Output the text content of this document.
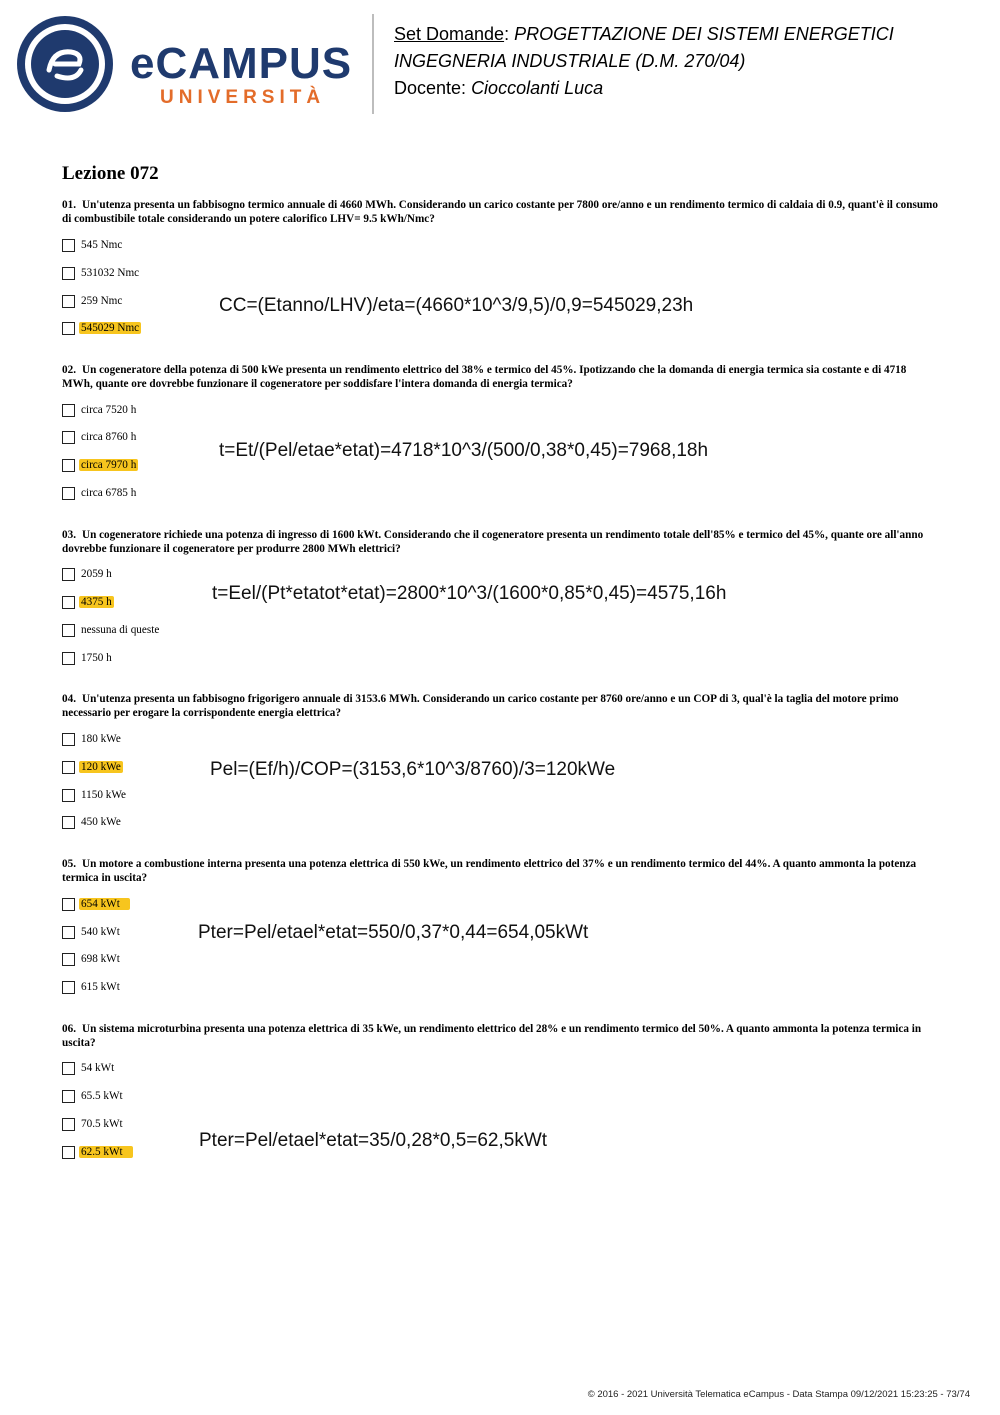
eCAMPUS
UNIVERSITÀ
Set Domande: PROGETTAZIONE DEI SISTEMI ENERGETICI
INGEGNERIA INDUSTRIALE (D.M. 270/04)
Docente: Cioccolanti Luca
Lezione 072
01. Un'utenza presenta un fabbisogno termico annuale di 4660 MWh. Considerando un carico costante per 7800 ore/anno e un rendimento termico di caldaia di 0.9, quant'è il consumo di combustibile totale considerando un potere calorifico LHV= 9.5 kWh/Nmc?
545 Nmc
531032 Nmc
259 Nmc
545029 Nmc
CC=(Etanno/LHV)/eta=(4660*10^3/9,5)/0,9=545029,23h
02. Un cogeneratore della potenza di 500 kWe presenta un rendimento elettrico del 38% e termico del 45%. Ipotizzando che la domanda di energia termica sia costante e di 4718 MWh, quante ore dovrebbe funzionare il cogeneratore per soddisfare l'intera domanda di energia termica?
circa 7520 h
circa 8760 h
circa 7970 h
circa 6785 h
t=Et/(Pel/etae*etat)=4718*10^3/(500/0,38*0,45)=7968,18h
03. Un cogeneratore richiede una potenza di ingresso di 1600 kWt. Considerando che il cogeneratore presenta un rendimento totale dell'85% e termico del 45%, quante ore all'anno dovrebbe funzionare il cogeneratore per produrre 2800 MWh elettrici?
2059 h
4375 h
nessuna di queste
1750 h
t=Eel/(Pt*etatot*etat)=2800*10^3/(1600*0,85*0,45)=4575,16h
04. Un'utenza presenta un fabbisogno frigorigero annuale di 3153.6 MWh. Considerando un carico costante per 8760 ore/anno e un COP di 3, qual'è la taglia del motore primo necessario per erogare la corrispondente energia elettrica?
180 kWe
120 kWe
1150 kWe
450 kWe
Pel=(Ef/h)/COP=(3153,6*10^3/8760)/3=120kWe
05. Un motore a combustione interna presenta una potenza elettrica di 550 kWe, un rendimento elettrico del 37% e un rendimento termico del 44%. A quanto ammonta la potenza termica in uscita?
654 kWt
540 kWt
698 kWt
615 kWt
Pter=Pel/etael*etat=550/0,37*0,44=654,05kWt
06. Un sistema microturbina presenta una potenza elettrica di 35 kWe, un rendimento elettrico del 28% e un rendimento termico del 50%. A quanto ammonta la potenza termica in uscita?
54 kWt
65.5 kWt
70.5 kWt
62.5 kWt
Pter=Pel/etael*etat=35/0,28*0,5=62,5kWt
© 2016 - 2021 Università Telematica eCampus - Data Stampa 09/12/2021 15:23:25 - 73/74
